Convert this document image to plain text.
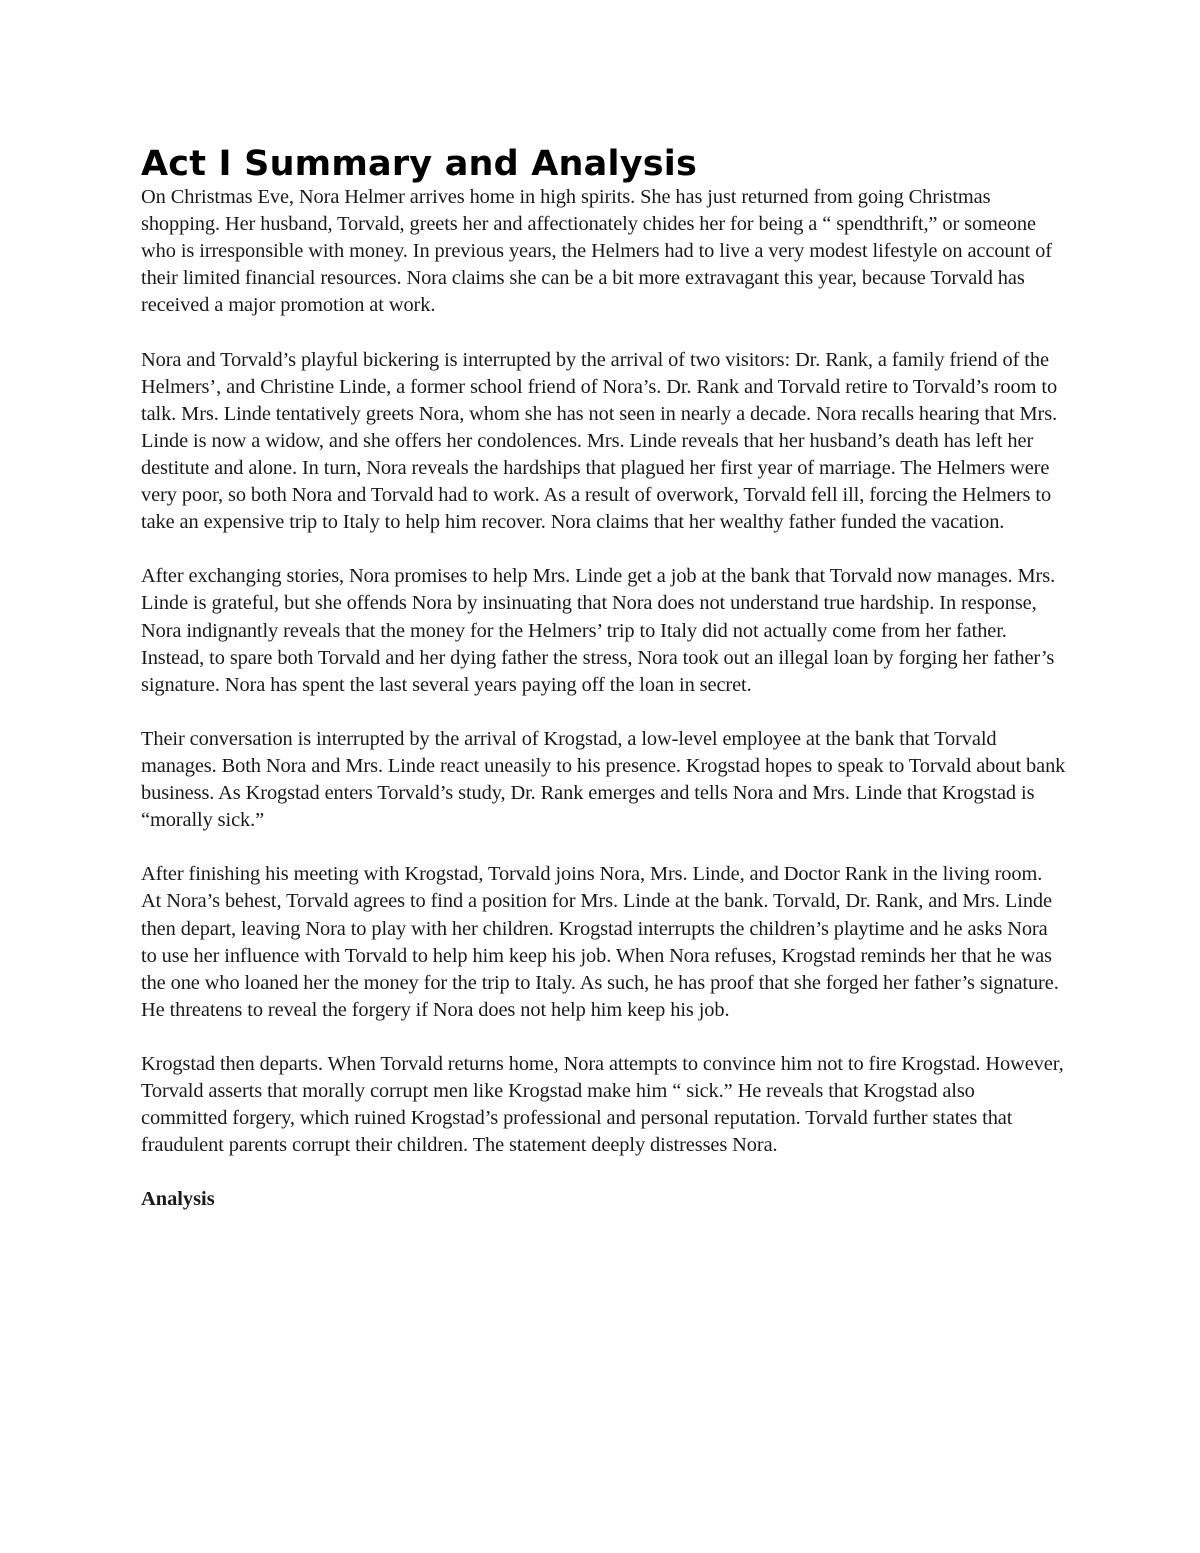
Act I Summary and Analysis

On Christmas Eve, Nora Helmer arrives home in high spirits. She has just returned from going Christmas shopping. Her husband, Torvald, greets her and affectionately chides her for being a “ spendthrift,” or someone who is irresponsible with money. In previous years, the Helmers had to live a very modest lifestyle on account of their limited financial resources. Nora claims she can be a bit more extravagant this year, because Torvald has received a major promotion at work.

Nora and Torvald’s playful bickering is interrupted by the arrival of two visitors: Dr. Rank, a family friend of the Helmers’, and Christine Linde, a former school friend of Nora’s. Dr. Rank and Torvald retire to Torvald’s room to talk. Mrs. Linde tentatively greets Nora, whom she has not seen in nearly a decade. Nora recalls hearing that Mrs. Linde is now a widow, and she offers her condolences. Mrs. Linde reveals that her husband’s death has left her destitute and alone. In turn, Nora reveals the hardships that plagued her first year of marriage. The Helmers were very poor, so both Nora and Torvald had to work. As a result of overwork, Torvald fell ill, forcing the Helmers to take an expensive trip to Italy to help him recover. Nora claims that her wealthy father funded the vacation.

After exchanging stories, Nora promises to help Mrs. Linde get a job at the bank that Torvald now manages. Mrs. Linde is grateful, but she offends Nora by insinuating that Nora does not understand true hardship. In response, Nora indignantly reveals that the money for the Helmers’ trip to Italy did not actually come from her father. Instead, to spare both Torvald and her dying father the stress, Nora took out an illegal loan by forging her father’s signature. Nora has spent the last several years paying off the loan in secret.

Their conversation is interrupted by the arrival of Krogstad, a low-level employee at the bank that Torvald manages. Both Nora and Mrs. Linde react uneasily to his presence. Krogstad hopes to speak to Torvald about bank business. As Krogstad enters Torvald’s study, Dr. Rank emerges and tells Nora and Mrs. Linde that Krogstad is “morally sick.”

After finishing his meeting with Krogstad, Torvald joins Nora, Mrs. Linde, and Doctor Rank in the living room. At Nora’s behest, Torvald agrees to find a position for Mrs. Linde at the bank. Torvald, Dr. Rank, and Mrs. Linde then depart, leaving Nora to play with her children. Krogstad interrupts the children’s playtime and he asks Nora to use her influence with Torvald to help him keep his job. When Nora refuses, Krogstad reminds her that he was the one who loaned her the money for the trip to Italy. As such, he has proof that she forged her father’s signature. He threatens to reveal the forgery if Nora does not help him keep his job.

Krogstad then departs. When Torvald returns home, Nora attempts to convince him not to fire Krogstad. However, Torvald asserts that morally corrupt men like Krogstad make him “ sick.” He reveals that Krogstad also committed forgery, which ruined Krogstad’s professional and personal reputation. Torvald further states that fraudulent parents corrupt their children. The statement deeply distresses Nora.

Analysis
